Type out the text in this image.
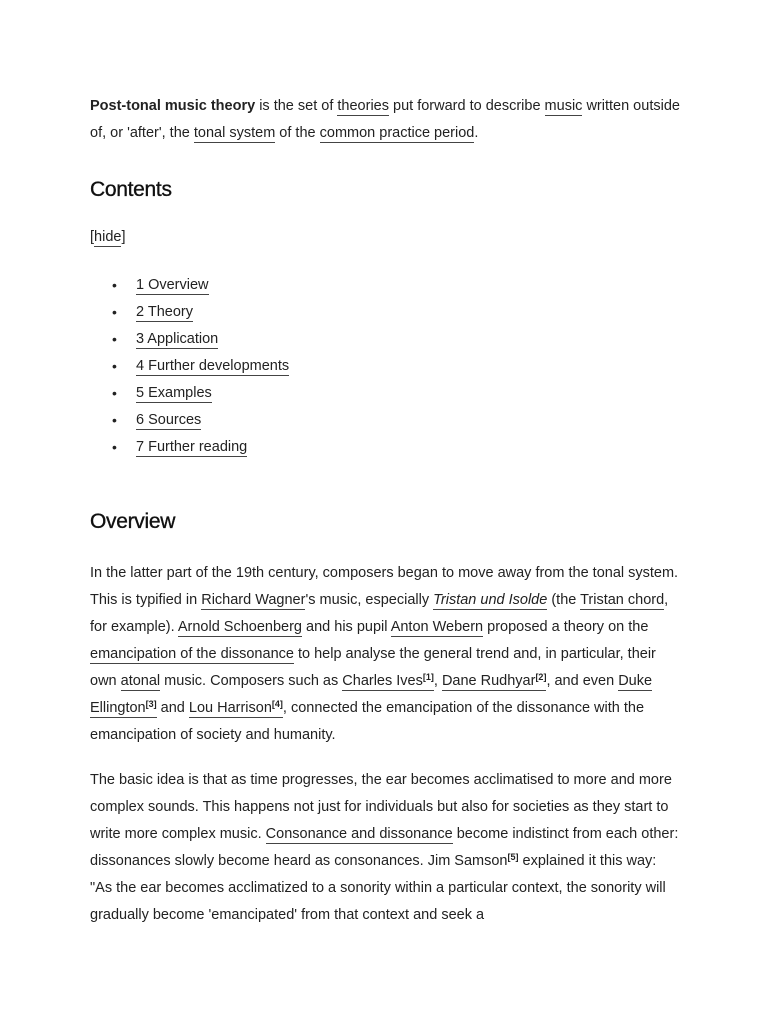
Post-tonal music theory is the set of theories put forward to describe music written outside of, or 'after', the tonal system of the common practice period.

Contents
[hide]
• 1 Overview
• 2 Theory
• 3 Application
• 4 Further developments
• 5 Examples
• 6 Sources
• 7 Further reading
Overview

In the latter part of the 19th century, composers began to move away from the tonal system. This is typified in Richard Wagner's music, especially Tristan und Isolde (the Tristan chord, for example). Arnold Schoenberg and his pupil Anton Webern proposed a theory on the emancipation of the dissonance to help analyse the general trend and, in particular, their own atonal music. Composers such as Charles Ives[1], Dane Rudhyar[2], and even Duke Ellington[3] and Lou Harrison[4], connected the emancipation of the dissonance with the emancipation of society and humanity.

The basic idea is that as time progresses, the ear becomes acclimatised to more and more complex sounds. This happens not just for individuals but also for societies as they start to write more complex music. Consonance and dissonance become indistinct from each other: dissonances slowly become heard as consonances. Jim Samson[5] explained it this way: "As the ear becomes acclimatized to a sonority within a particular context, the sonority will gradually become 'emancipated' from that context and seek a
